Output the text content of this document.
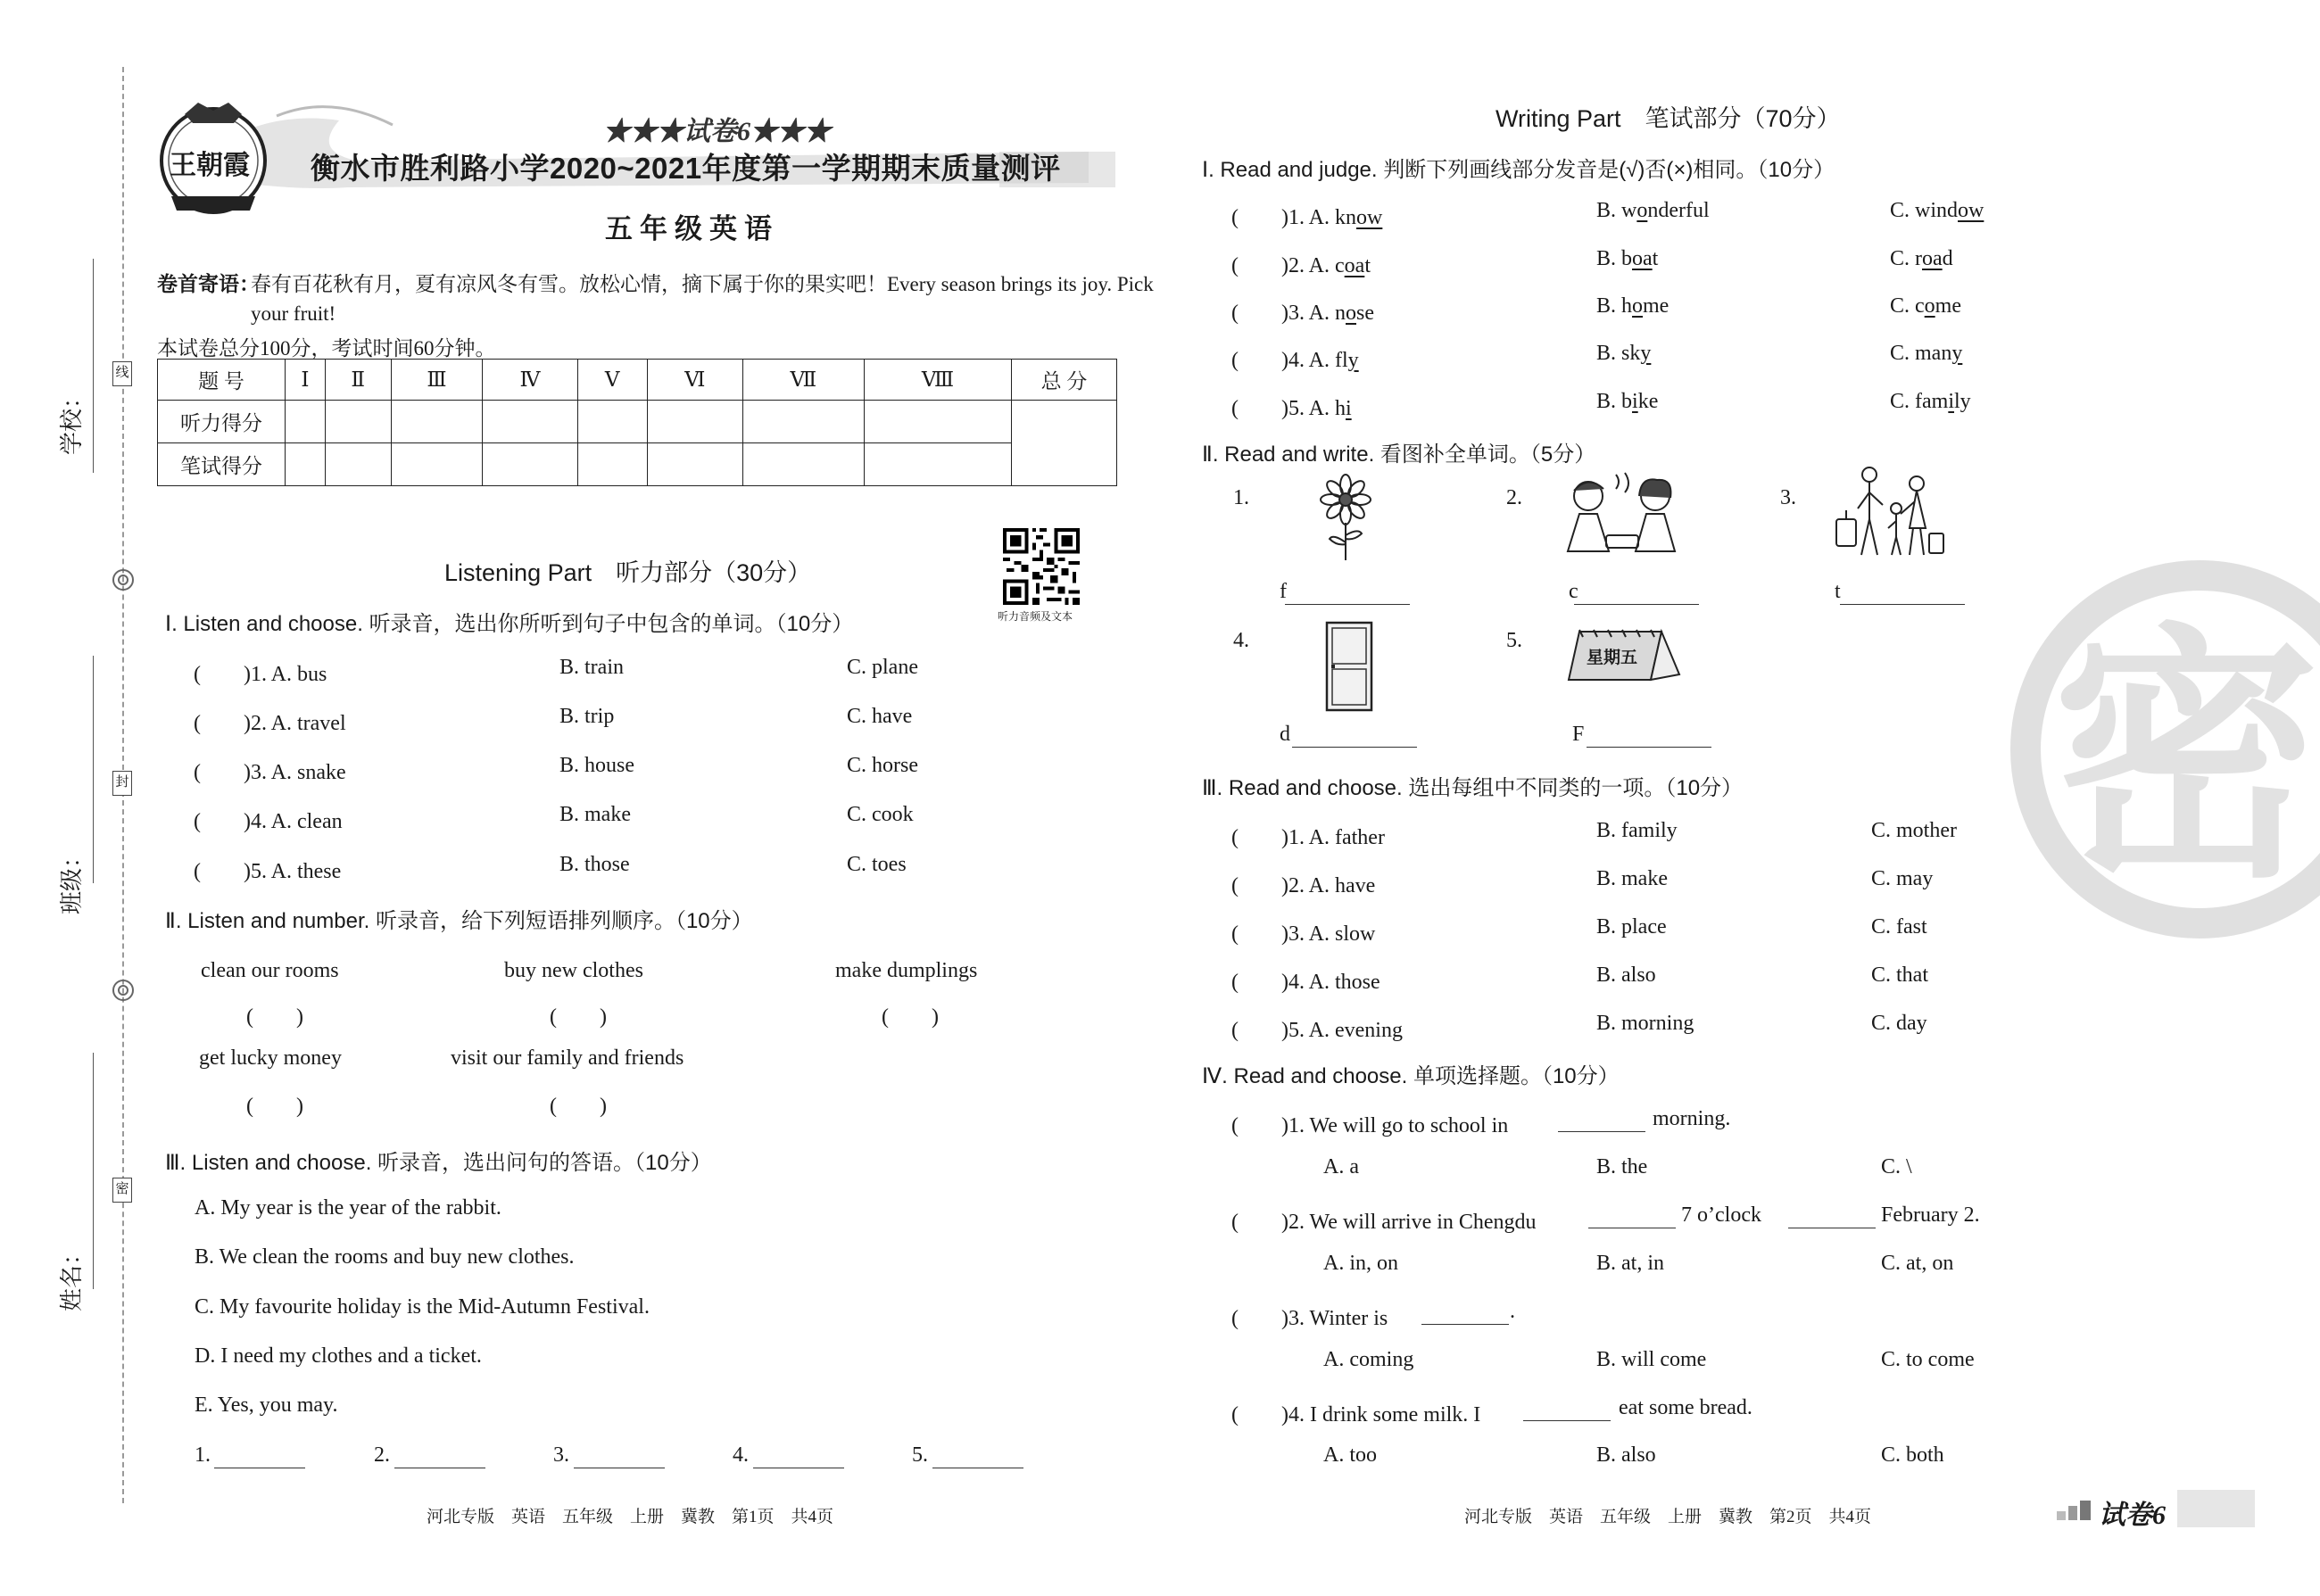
学校：
班级：
姓名：
线
封
密
王朝霞
★★★试卷6★★★
衡水市胜利路小学2020~2021年度第一学期期末质量测评
五年级英语
卷首寄语：
春有百花秋有月，夏有凉风冬有雪。放松心情，摘下属于你的果实吧！Every season brings its joy. Pick
your fruit!
本试卷总分100分，考试时间60分钟。
题 号	Ⅰ	Ⅱ	Ⅲ	Ⅳ	Ⅴ	Ⅵ	Ⅶ	Ⅷ	总 分
听力得分									
笔试得分									
Listening Part　听力部分（30分）
听力音频及文本
Ⅰ. Listen and choose. 听录音，选出你所听到句子中包含的单词。（10分）
(　　)1. A. bus	B. train	C. plane
(　　)2. A. travel	B. trip	C. have
(　　)3. A. snake	B. house	C. horse
(　　)4. A. clean	B. make	C. cook
(　　)5. A. these	B. those	C. toes
Ⅱ. Listen and number. 听录音，给下列短语排列顺序。（10分）
clean our rooms	buy new clothes	make dumplings
(　　)	(　　)	(　　)
get lucky money	visit our family and friends
(　　)	(　　)
Ⅲ. Listen and choose. 听录音，选出问句的答语。（10分）
A. My year is the year of the rabbit.
B. We clean the rooms and buy new clothes.
C. My favourite holiday is the Mid-Autumn Festival.
D. I need my clothes and a ticket.
E. Yes, you may.
1.	2.	3.	4.	5.
河北专版　英语　五年级　上册　冀教　第1页　共4页
Writing Part　笔试部分（70分）
Ⅰ. Read and judge. 判断下列画线部分发音是(√)否(×)相同。（10分）
(　　)1. A. know	B. wonderful	C. window
(　　)2. A. coat	B. boat	C. road
(　　)3. A. nose	B. home	C. come
(　　)4. A. fly	B. sky	C. many
(　　)5. A. hi	B. bike	C. family
Ⅱ. Read and write. 看图补全单词。（5分）
1.
f
2.
c
3.
t
4.
d
5.
星期五
F
Ⅲ. Read and choose. 选出每组中不同类的一项。（10分）
(　　)1. A. father	B. family	C. mother
(　　)2. A. have	B. make	C. may
(　　)3. A. slow	B. place	C. fast
(　　)4. A. those	B. also	C. that
(　　)5. A. evening	B. morning	C. day
Ⅳ. Read and choose. 单项选择题。（10分）
(　　)1. We will go to school in	morning.
A. a	B. the	C. \
(　　)2. We will arrive in Chengdu	7 o’clock	February 2.
A. in, on	B. at, in	C. at, on
(　　)3. Winter is	.
A. coming	B. will come	C. to come
(　　)4. I drink some milk. I	eat some bread.
A. too	B. also	C. both
密
河北专版　英语　五年级　上册　冀教　第2页　共4页	试卷6
